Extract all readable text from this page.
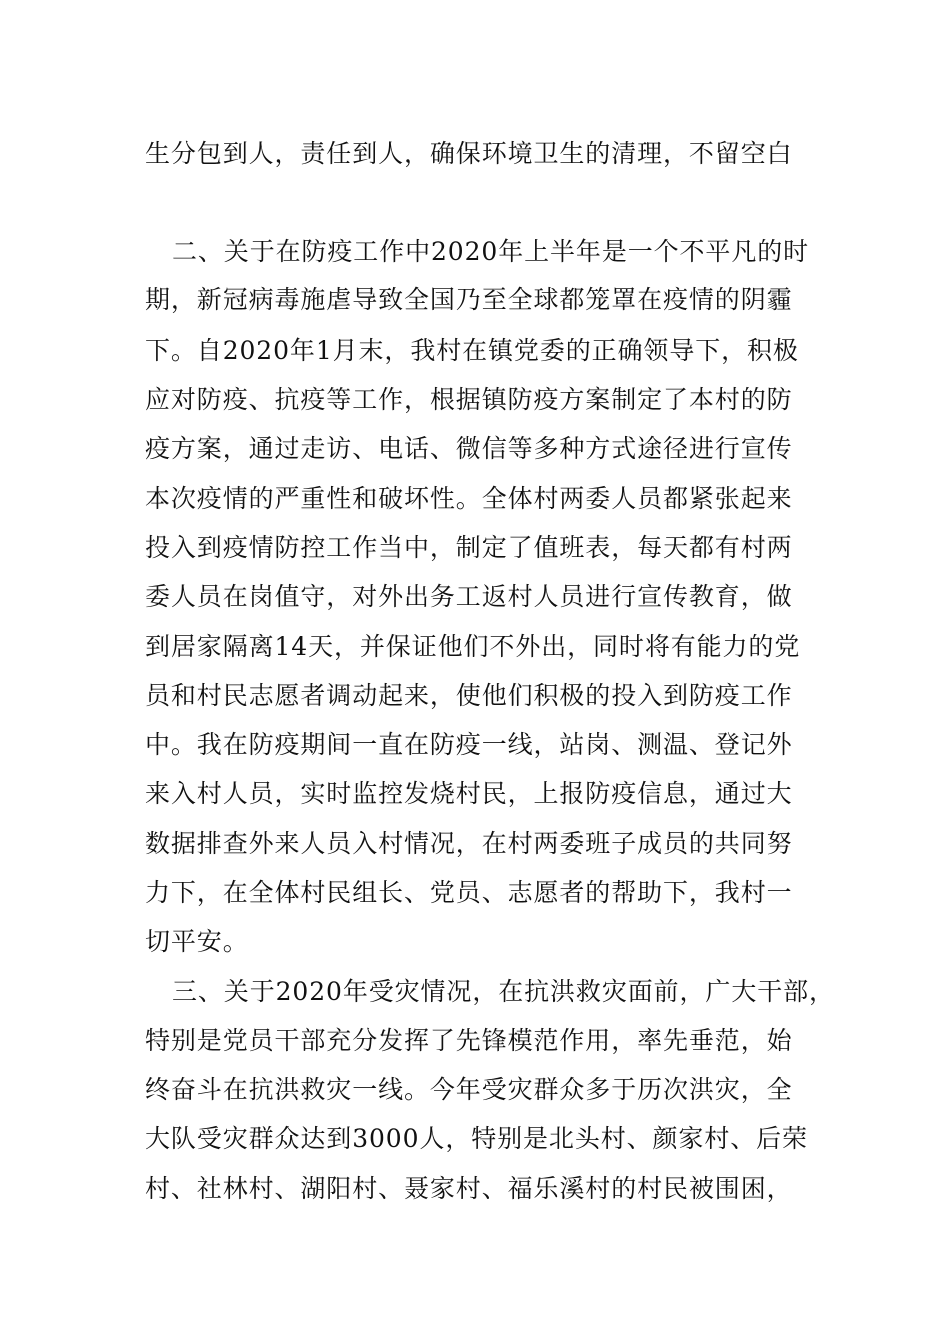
生分包到人，责任到人，确保环境卫生的清理，不留空白
二、关于在防疫工作中2020年上半年是一个不平凡的时
期，新冠病毒施虐导致全国乃至全球都笼罩在疫情的阴霾
下。自2020年1月末，我村在镇党委的正确领导下，积极
应对防疫、抗疫等工作，根据镇防疫方案制定了本村的防
疫方案，通过走访、电话、微信等多种方式途径进行宣传
本次疫情的严重性和破坏性。全体村两委人员都紧张起来
投入到疫情防控工作当中，制定了值班表，每天都有村两
委人员在岗值守，对外出务工返村人员进行宣传教育，做
到居家隔离14天，并保证他们不外出，同时将有能力的党
员和村民志愿者调动起来，使他们积极的投入到防疫工作
中。我在防疫期间一直在防疫一线，站岗、测温、登记外
来入村人员，实时监控发烧村民，上报防疫信息，通过大
数据排查外来人员入村情况，在村两委班子成员的共同努
力下，在全体村民组长、党员、志愿者的帮助下，我村一
切平安。
三、关于2020年受灾情况，在抗洪救灾面前，广大干部，
特别是党员干部充分发挥了先锋模范作用，率先垂范，始
终奋斗在抗洪救灾一线。今年受灾群众多于历次洪灾，全
大队受灾群众达到3000人，特别是北头村、颜家村、后荣
村、社林村、湖阳村、聂家村、福乐溪村的村民被围困，
